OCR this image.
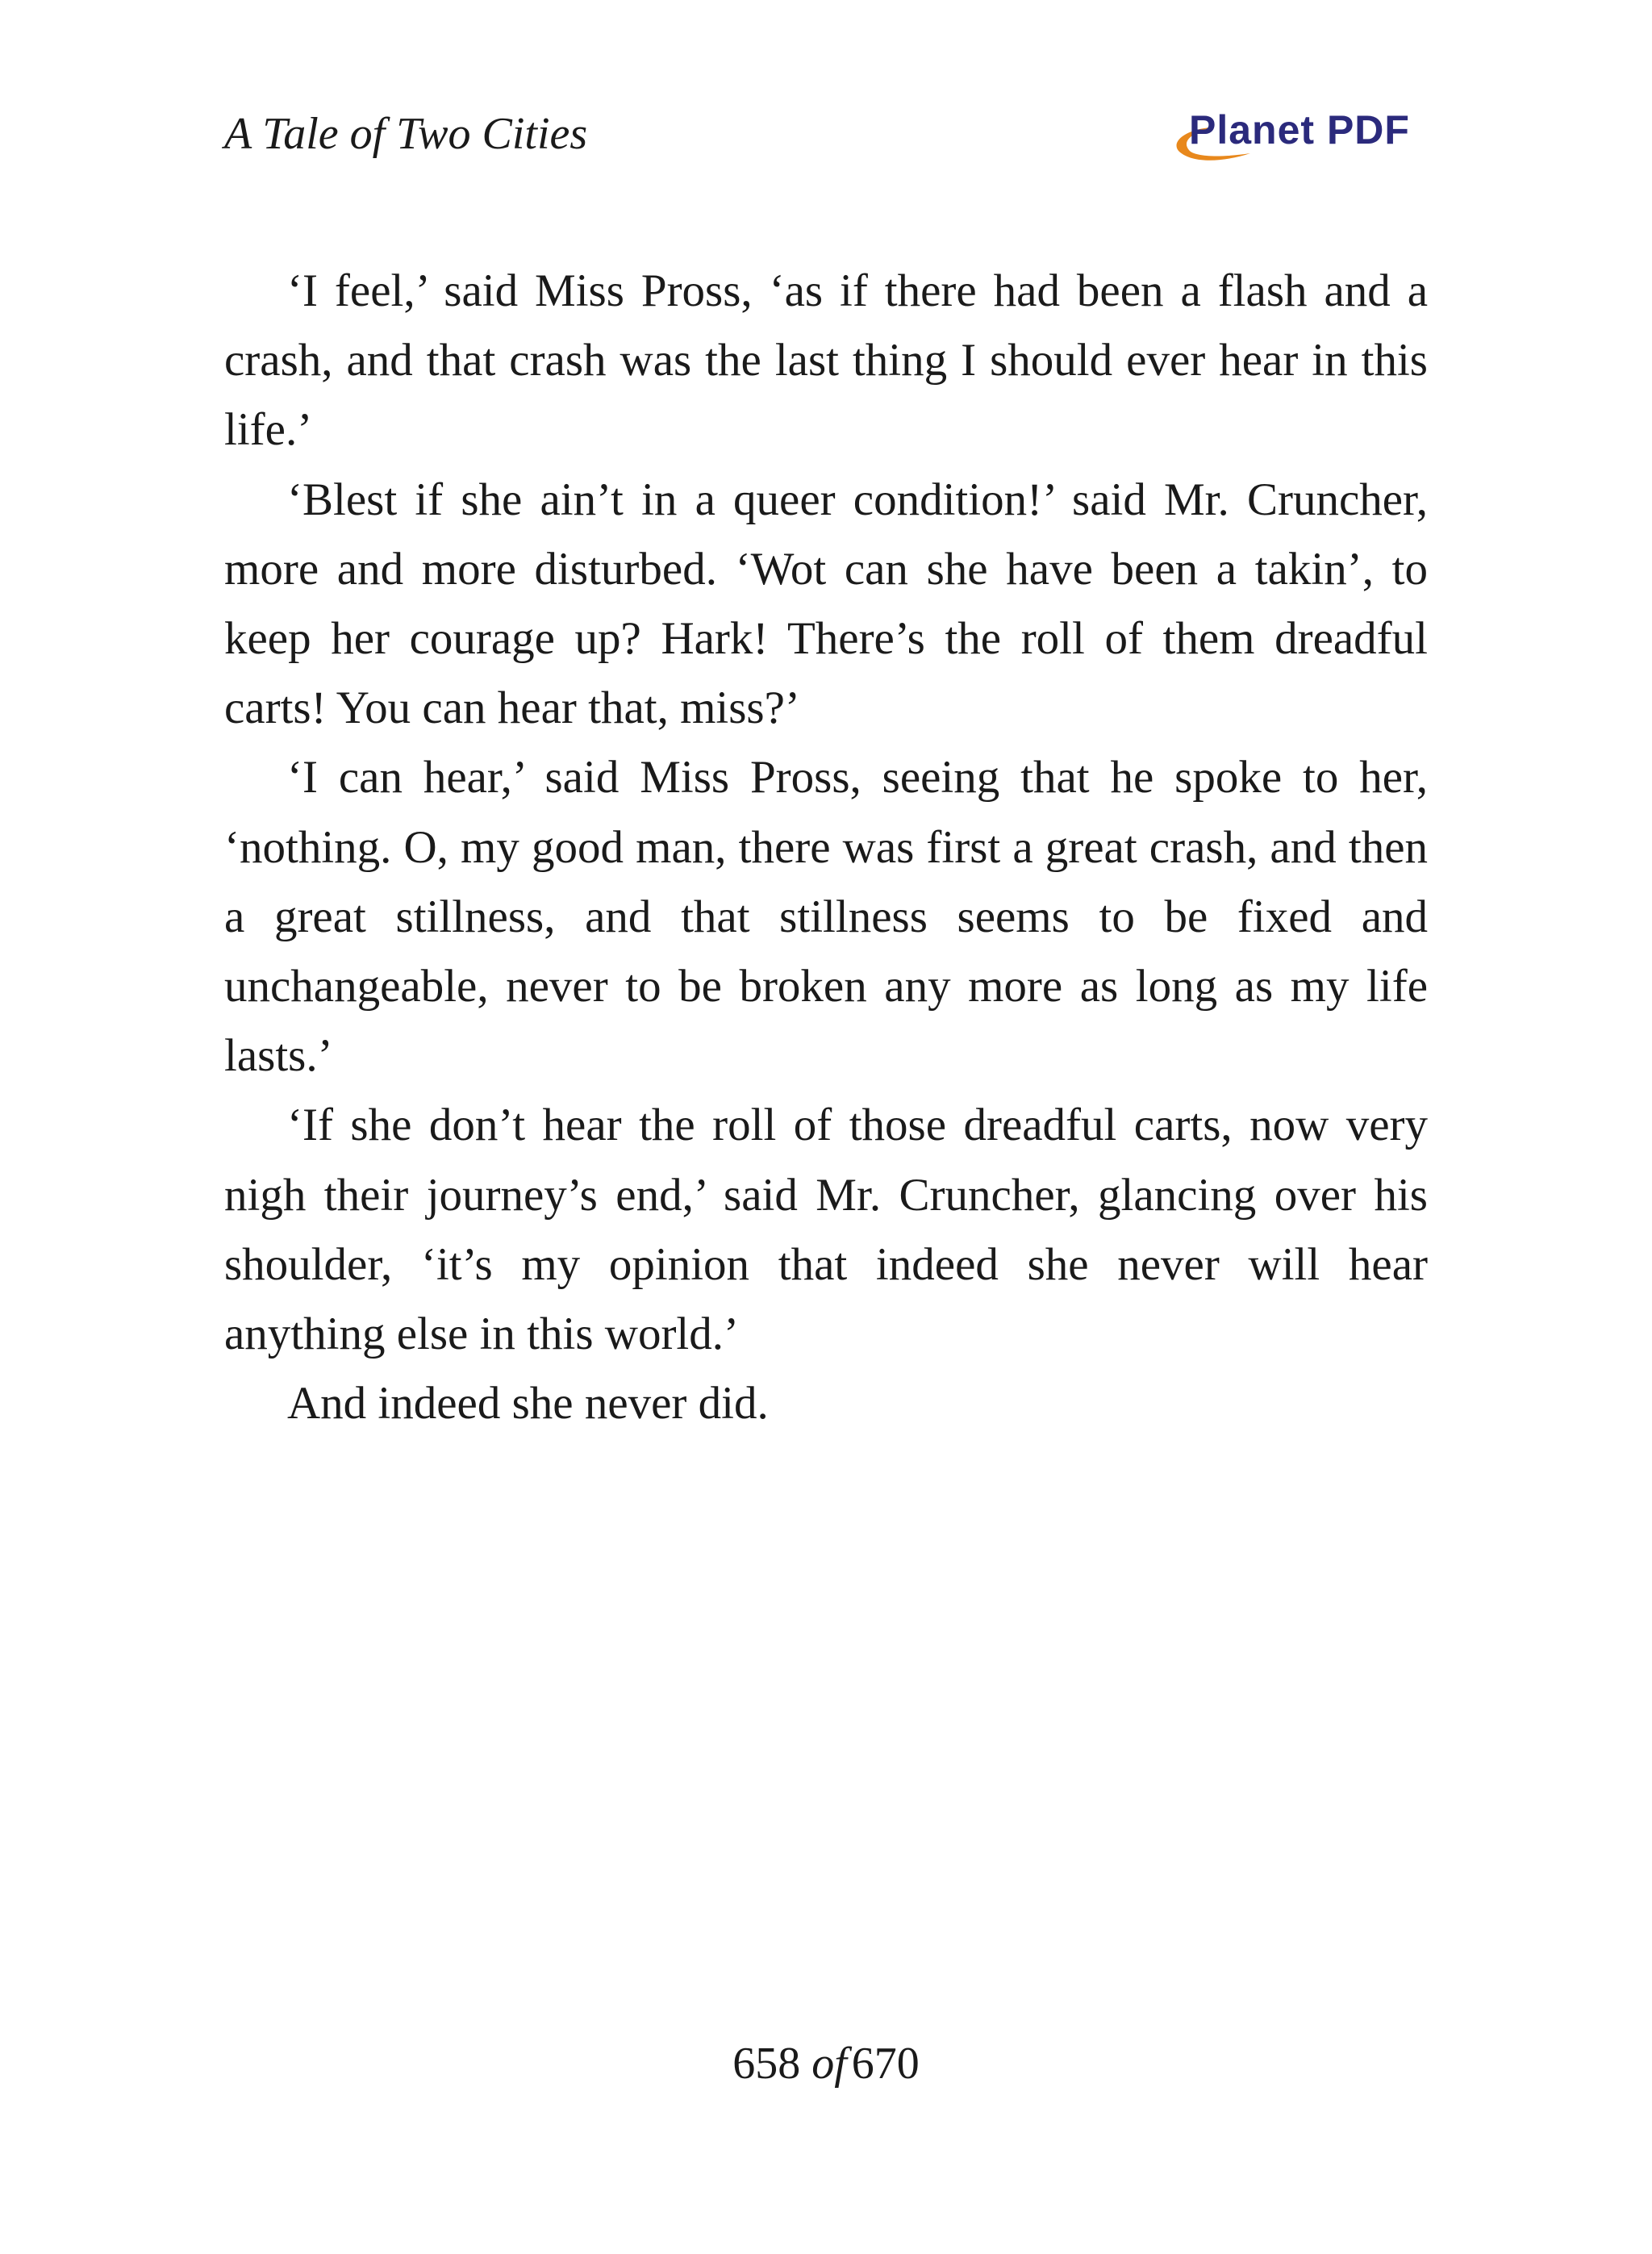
A Tale of Two Cities	Planet PDF

‘I feel,’ said Miss Pross, ‘as if there had been a flash and a crash, and that crash was the last thing I should ever hear in this life.’

‘Blest if she ain’t in a queer condition!’ said Mr. Cruncher, more and more disturbed. ‘Wot can she have been a takin’, to keep her courage up? Hark! There’s the roll of them dreadful carts! You can hear that, miss?’

‘I can hear,’ said Miss Pross, seeing that he spoke to her, ‘nothing. O, my good man, there was first a great crash, and then a great stillness, and that stillness seems to be fixed and unchangeable, never to be broken any more as long as my life lasts.’

‘If she don’t hear the roll of those dreadful carts, now very nigh their journey’s end,’ said Mr. Cruncher, glancing over his shoulder, ‘it’s my opinion that indeed she never will hear anything else in this world.’

And indeed she never did.

658 of 670
